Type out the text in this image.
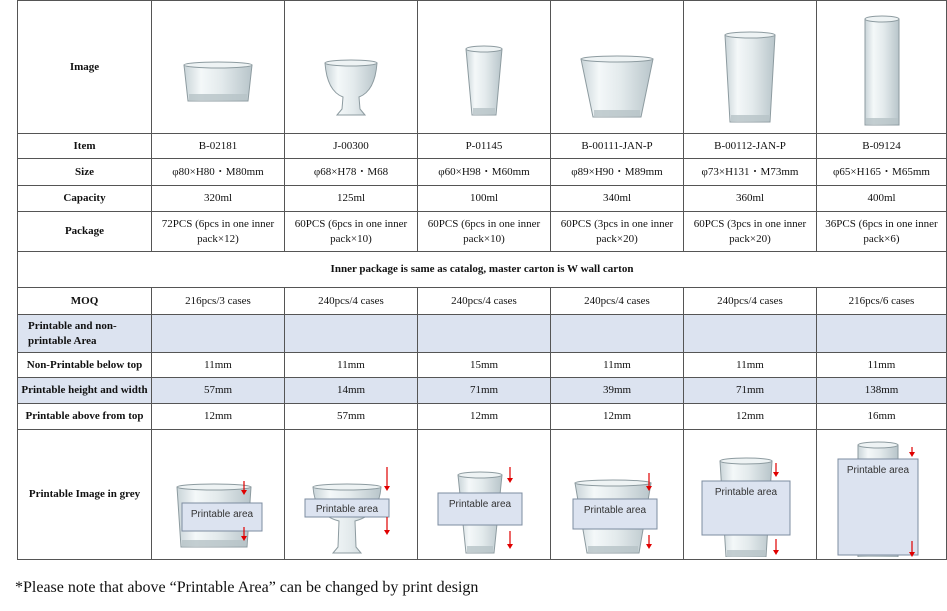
Image	

Item	B-02181	J-00300	P-01145	B-00111-JAN-P	B-00112-JAN-P	B-09124
Size	φ80×H80・M80mm	φ68×H78・M68	φ60×H98・M60mm	φ89×H90・M89mm	φ73×H131・M73mm	φ65×H165・M65mm
Capacity	320ml	125ml	100ml	340ml	360ml	400ml
Package	72PCS (6pcs in one inner pack×12)	60PCS (6pcs in one inner pack×10)	60PCS (6pcs in one inner pack×10)	60PCS (3pcs in one inner pack×20)	60PCS (3pcs in one inner pack×20)	36PCS (6pcs in one inner pack×6)
Inner package is same as catalog, master carton is W wall carton						
MOQ	216pcs/3 cases	240pcs/4 cases	240pcs/4 cases	240pcs/4 cases	240pcs/4 cases	216pcs/6 cases
Printable and non-printable Area						
Non-Printable below top	11mm	11mm	15mm	11mm	11mm	11mm
Printable height and width	57mm	14mm	71mm	39mm	71mm	138mm
Printable above from top	12mm	57mm	12mm	12mm	12mm	16mm
Printable Image in grey	Printable area	Printable area	Printable area	Printable area	Printable area	Printable area
*Please note that above “Printable Area” can be changed by print design
